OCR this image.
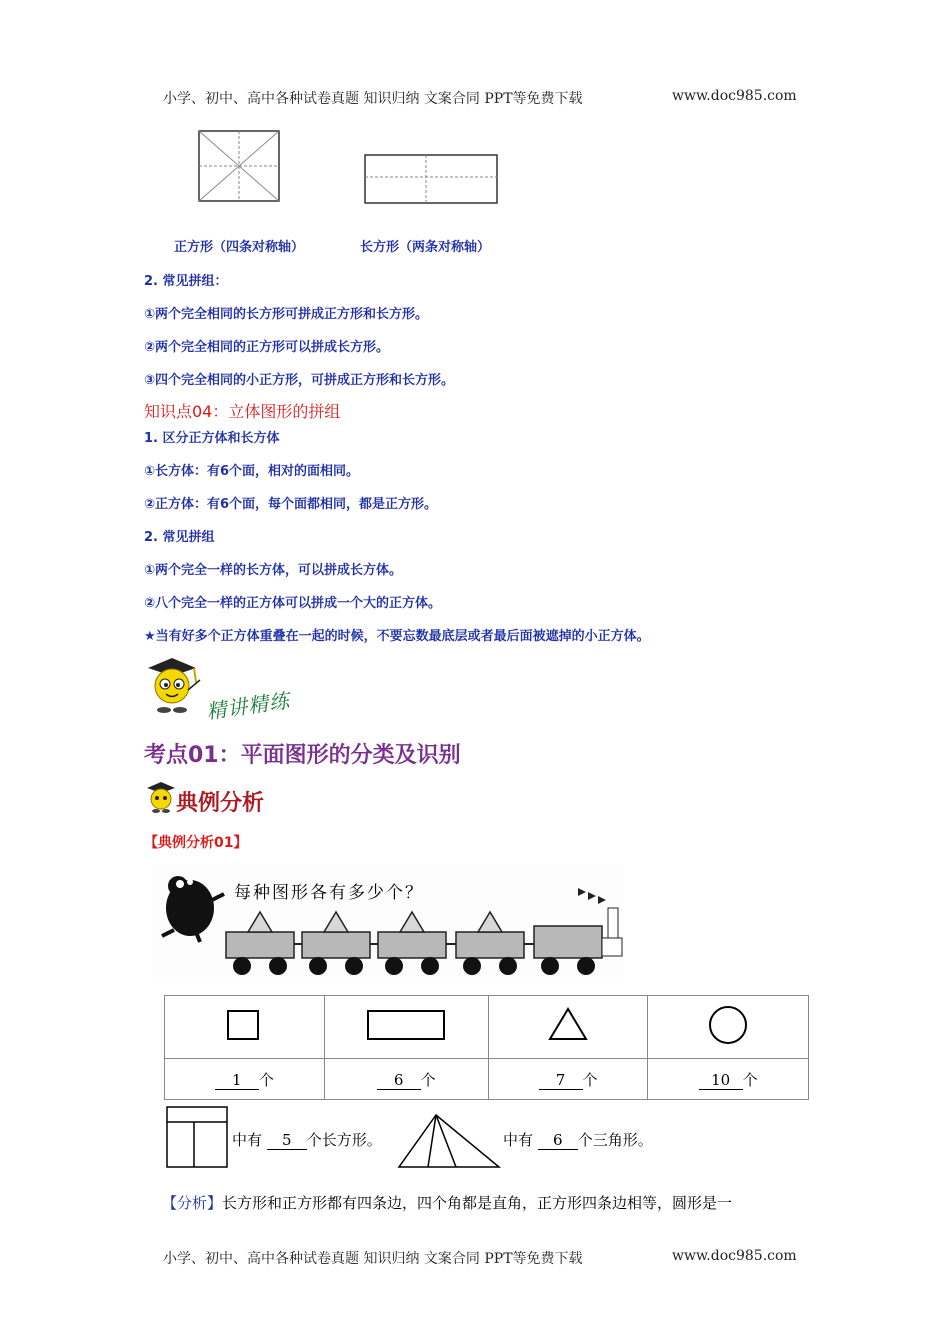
小学、初中、高中各种试卷真题 知识归纳 文案合同 PPT等免费下载	www.doc985.com
正方形（四条对称轴）	长方形（两条对称轴）
2. 常见拼组：
①两个完全相同的长方形可拼成正方形和长方形。
②两个完全相同的正方形可以拼成长方形。
③四个完全相同的小正方形，可拼成正方形和长方形。
知识点04：立体图形的拼组
1. 区分正方体和长方体
①长方体：有6个面，相对的面相同。
②正方体：有6个面，每个面都相同，都是正方形。
2. 常见拼组
①两个完全一样的长方体，可以拼成长方体。
②八个完全一样的正方体可以拼成一个大的正方体。
★当有好多个正方体重叠在一起的时候，不要忘数最底层或者最后面被遮掉的小正方体。
精讲精练
考点01：平面图形的分类及识别
典例分析
【典例分析01】
每种图形各有多少个？

1 个	6 个	7 个	10 个
中有 5 个长方形。	中有 6 个三角形。
【分析】长方形和正方形都有四条边，四个角都是直角，正方形四条边相等，圆形是一
小学、初中、高中各种试卷真题 知识归纳 文案合同 PPT等免费下载	www.doc985.com
